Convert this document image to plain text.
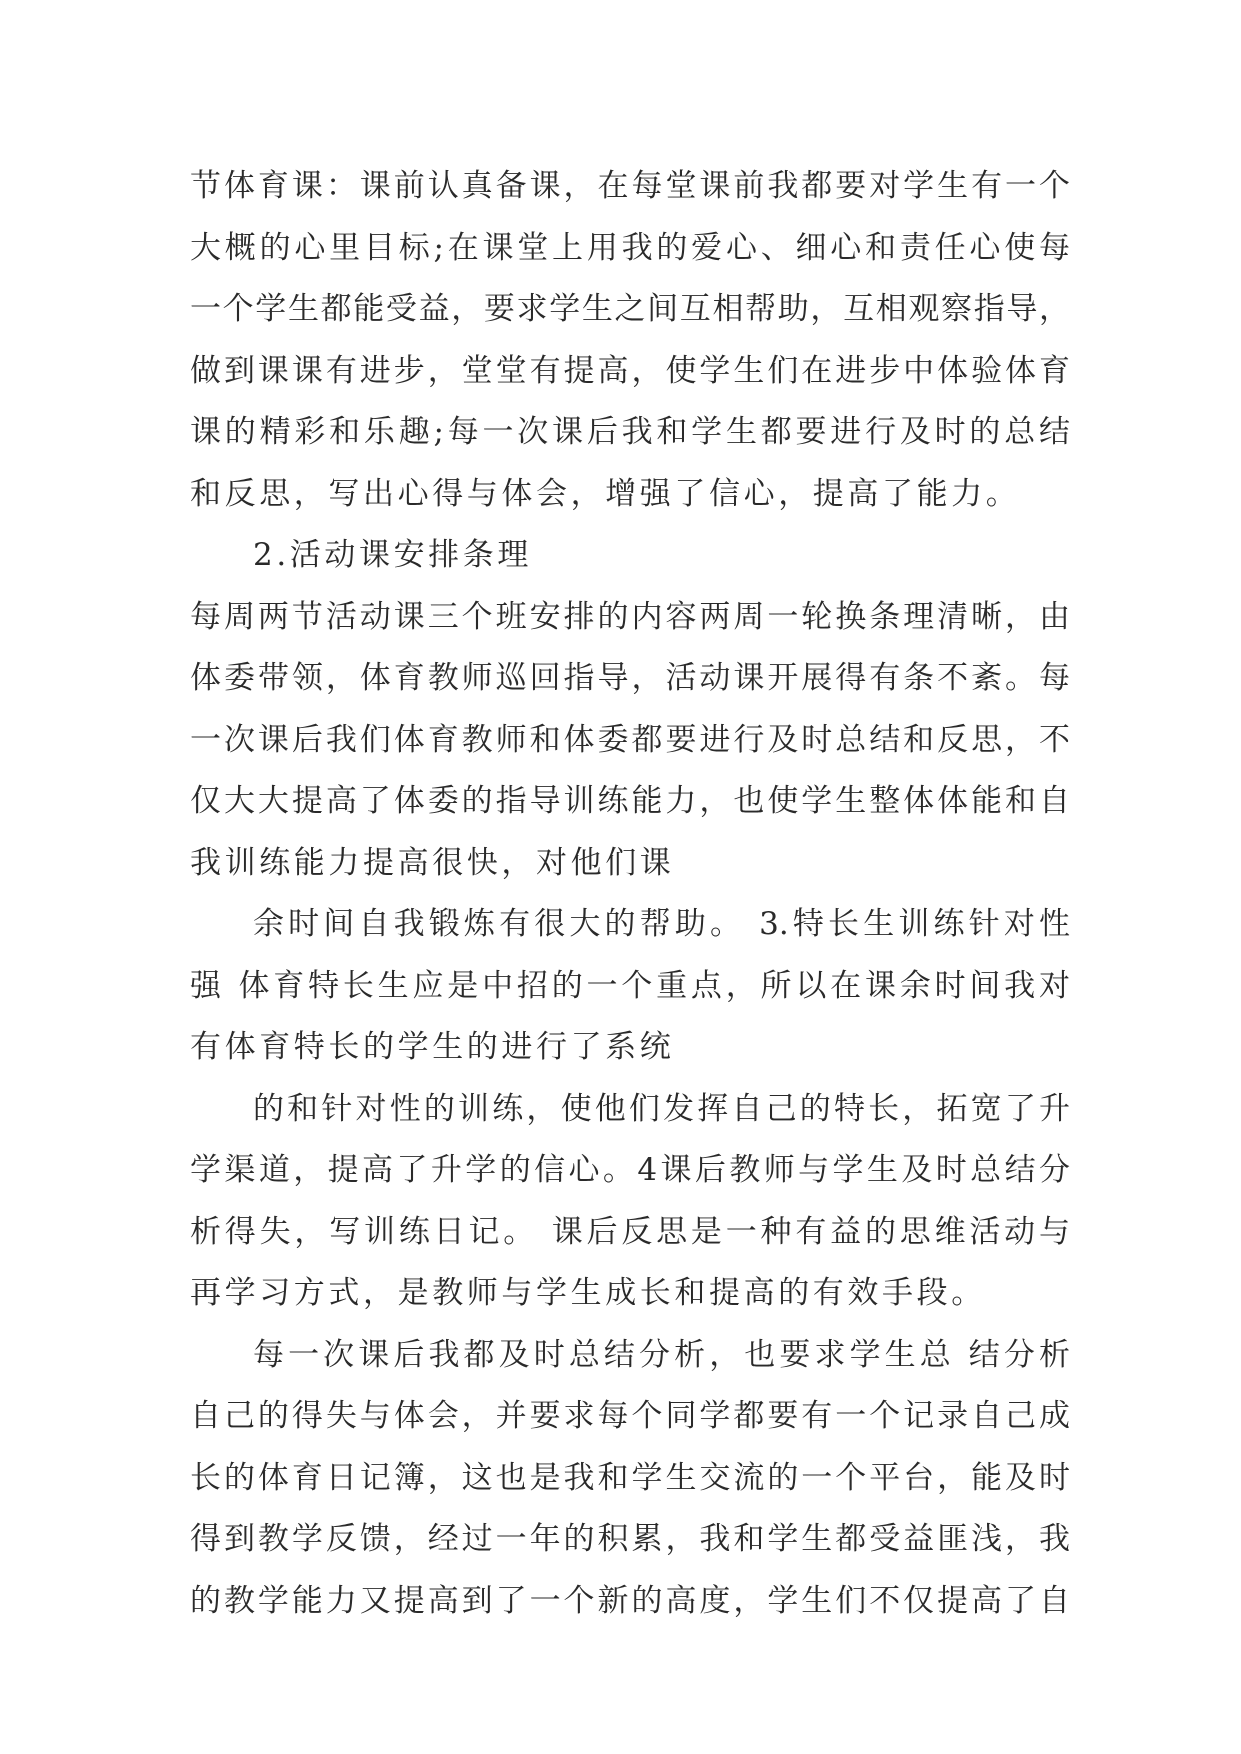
节体育课：课前认真备课，在每堂课前我都要对学生有一个
大概的心里目标;在课堂上用我的爱心、细心和责任心使每
一个学生都能受益，要求学生之间互相帮助，互相观察指导，
做到课课有进步，堂堂有提高，使学生们在进步中体验体育
课的精彩和乐趣;每一次课后我和学生都要进行及时的总结
和反思，写出心得与体会，增强了信心，提高了能力。
2.活动课安排条理
每周两节活动课三个班安排的内容两周一轮换条理清晰，由
体委带领，体育教师巡回指导，活动课开展得有条不紊。每
一次课后我们体育教师和体委都要进行及时总结和反思，不
仅大大提高了体委的指导训练能力，也使学生整体体能和自
我训练能力提高很快，对他们课
余时间自我锻炼有很大的帮助。 3.特长生训练针对性
强 体育特长生应是中招的一个重点，所以在课余时间我对
有体育特长的学生的进行了系统
的和针对性的训练，使他们发挥自己的特长，拓宽了升
学渠道，提高了升学的信心。4课后教师与学生及时总结分
析得失，写训练日记。 课后反思是一种有益的思维活动与
再学习方式，是教师与学生成长和提高的有效手段。
每一次课后我都及时总结分析，也要求学生总 结分析
自己的得失与体会，并要求每个同学都要有一个记录自己成
长的体育日记簿，这也是我和学生交流的一个平台，能及时
得到教学反馈，经过一年的积累，我和学生都受益匪浅，我
的教学能力又提高到了一个新的高度，学生们不仅提高了自
